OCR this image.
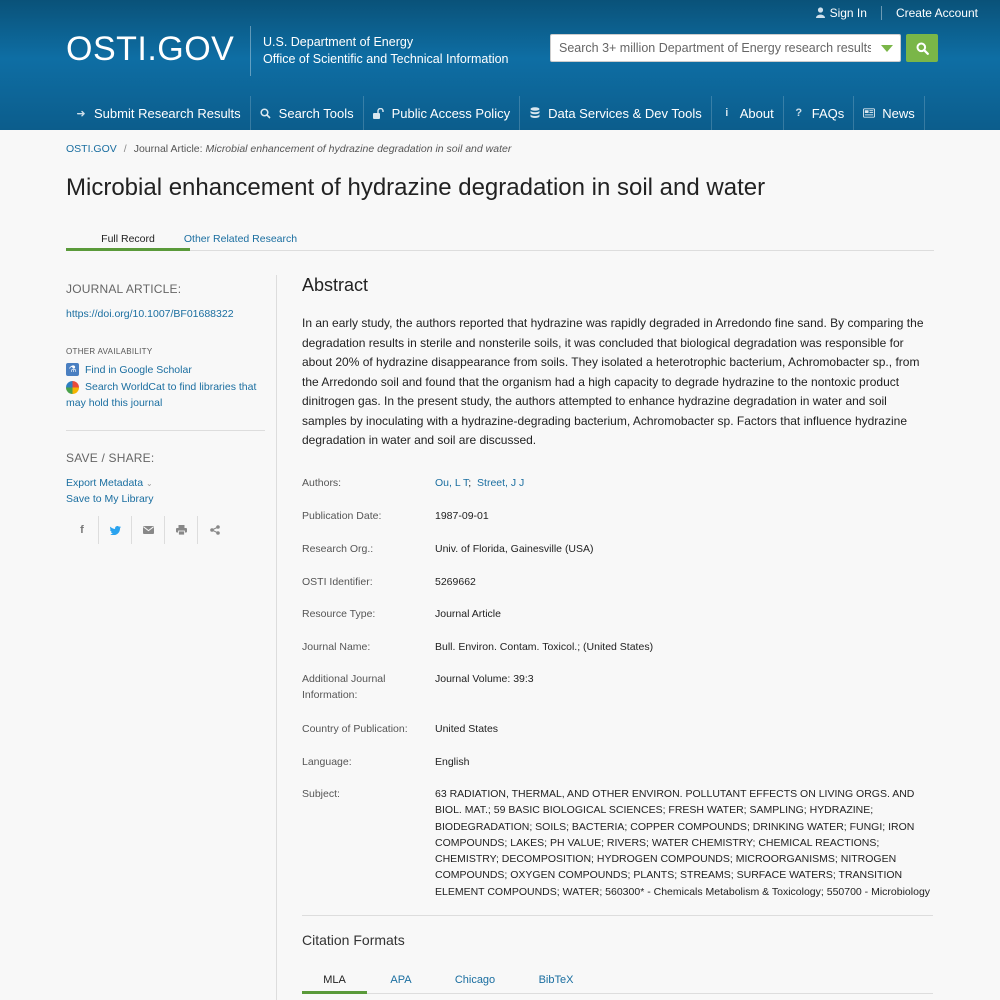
Sign In Create Account
OSTI.GOV U.S. Department of Energy
Office of Scientific and Technical Information
Search 3+ million Department of Energy research results
➜ Submit Research Results	Search Tools	Public Access Policy	Data Services & Dev Tools	i About ? FAQs	News
OSTI.GOV / Journal Article: Microbial enhancement of hydrazine degradation in soil and water
Microbial enhancement of hydrazine degradation in soil and water
Full Record	Other Related Research
JOURNAL ARTICLE:
https://doi.org/10.1007/BF01688322
OTHER AVAILABILITY
⚗ Find in Google Scholar
Search WorldCat to find libraries that may hold this journal
SAVE / SHARE:
Export Metadata ⌄
Save to My Library
f
Abstract

In an early study, the authors reported that hydrazine was rapidly degraded in Arredondo fine sand. By comparing the degradation results in sterile and nonsterile soils, it was concluded that biological degradation was responsible for about 20% of hydrazine disappearance from soils. They isolated a heterotrophic bacterium, Achromobacter sp., from the Arredondo soil and found that the organism had a high capacity to degrade hydrazine to the nontoxic product dinitrogen gas. In the present study, the authors attempted to enhance hydrazine degradation in water and soil samples by inoculating with a hydrazine-degrading bacterium, Achromobacter sp. Factors that influence hydrazine degradation in water and soil are discussed.

Authors:	Ou, L T;  Street, J J
Publication Date:	1987-09-01
Research Org.:	Univ. of Florida, Gainesville (USA)
OSTI Identifier:	5269662
Resource Type:	Journal Article
Journal Name:	Bull. Environ. Contam. Toxicol.; (United States)
Additional Journal Information:
Journal Volume: 39:3
Country of Publication:	United States
Language:	English
Subject:	63 RADIATION, THERMAL, AND OTHER ENVIRON. POLLUTANT EFFECTS ON LIVING ORGS. AND BIOL. MAT.; 59 BASIC BIOLOGICAL SCIENCES; FRESH WATER; SAMPLING; HYDRAZINE; BIODEGRADATION; SOILS; BACTERIA; COPPER COMPOUNDS; DRINKING WATER; FUNGI; IRON COMPOUNDS; LAKES; PH VALUE; RIVERS; WATER CHEMISTRY; CHEMICAL REACTIONS; CHEMISTRY; DECOMPOSITION; HYDROGEN COMPOUNDS; MICROORGANISMS; NITROGEN COMPOUNDS; OXYGEN COMPOUNDS; PLANTS; STREAMS; SURFACE WATERS; TRANSITION ELEMENT COMPOUNDS; WATER; 560300* - Chemicals Metabolism & Toxicology; 550700 - Microbiology
Citation Formats
MLA	APA	Chicago	BibTeX
